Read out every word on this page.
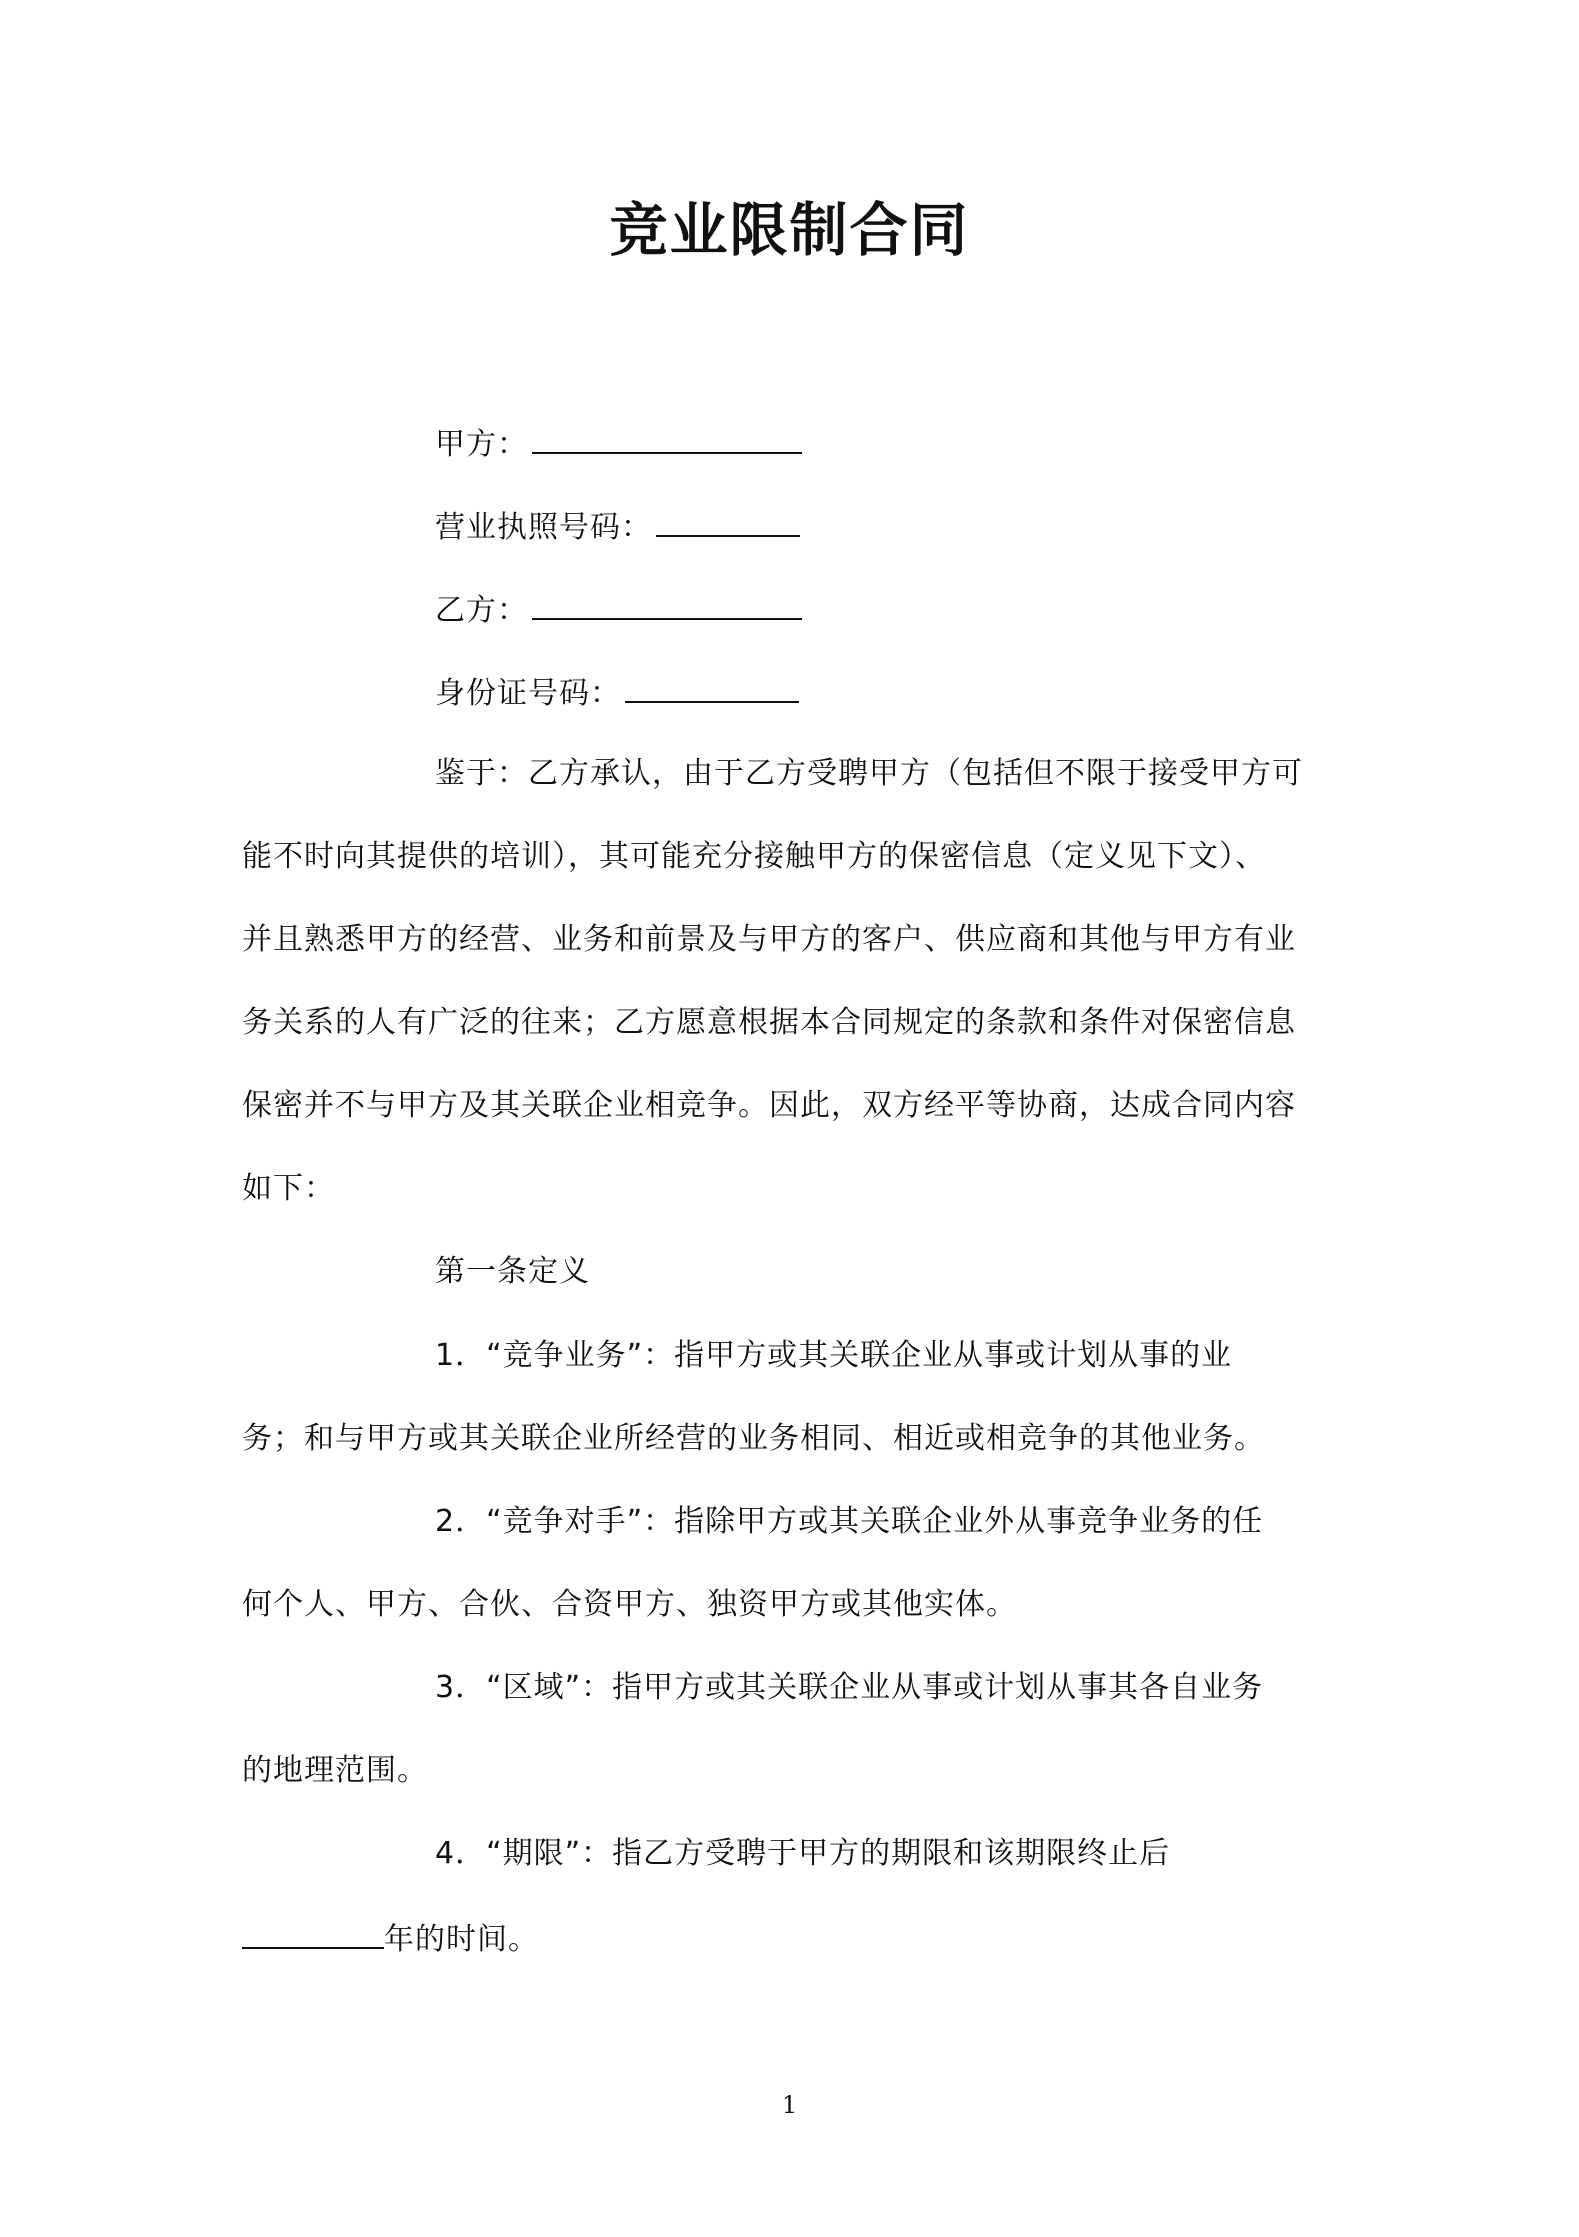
竞业限制合同
甲方：
营业执照号码：
乙方：
身份证号码：
鉴于：乙方承认，由于乙方受聘甲方（包括但不限于接受甲方可
能不时向其提供的培训），其可能充分接触甲方的保密信息（定义见下文）、
并且熟悉甲方的经营、业务和前景及与甲方的客户、供应商和其他与甲方有业
务关系的人有广泛的往来；乙方愿意根据本合同规定的条款和条件对保密信息
保密并不与甲方及其关联企业相竞争。因此，双方经平等协商，达成合同内容
如下：
第一条定义
1．“竞争业务”：指甲方或其关联企业从事或计划从事的业
务；和与甲方或其关联企业所经营的业务相同、相近或相竞争的其他业务。
2．“竞争对手”：指除甲方或其关联企业外从事竞争业务的任
何个人、甲方、合伙、合资甲方、独资甲方或其他实体。
3．“区域”：指甲方或其关联企业从事或计划从事其各自业务
的地理范围。
4．“期限”：指乙方受聘于甲方的期限和该期限终止后
年的时间。
1
